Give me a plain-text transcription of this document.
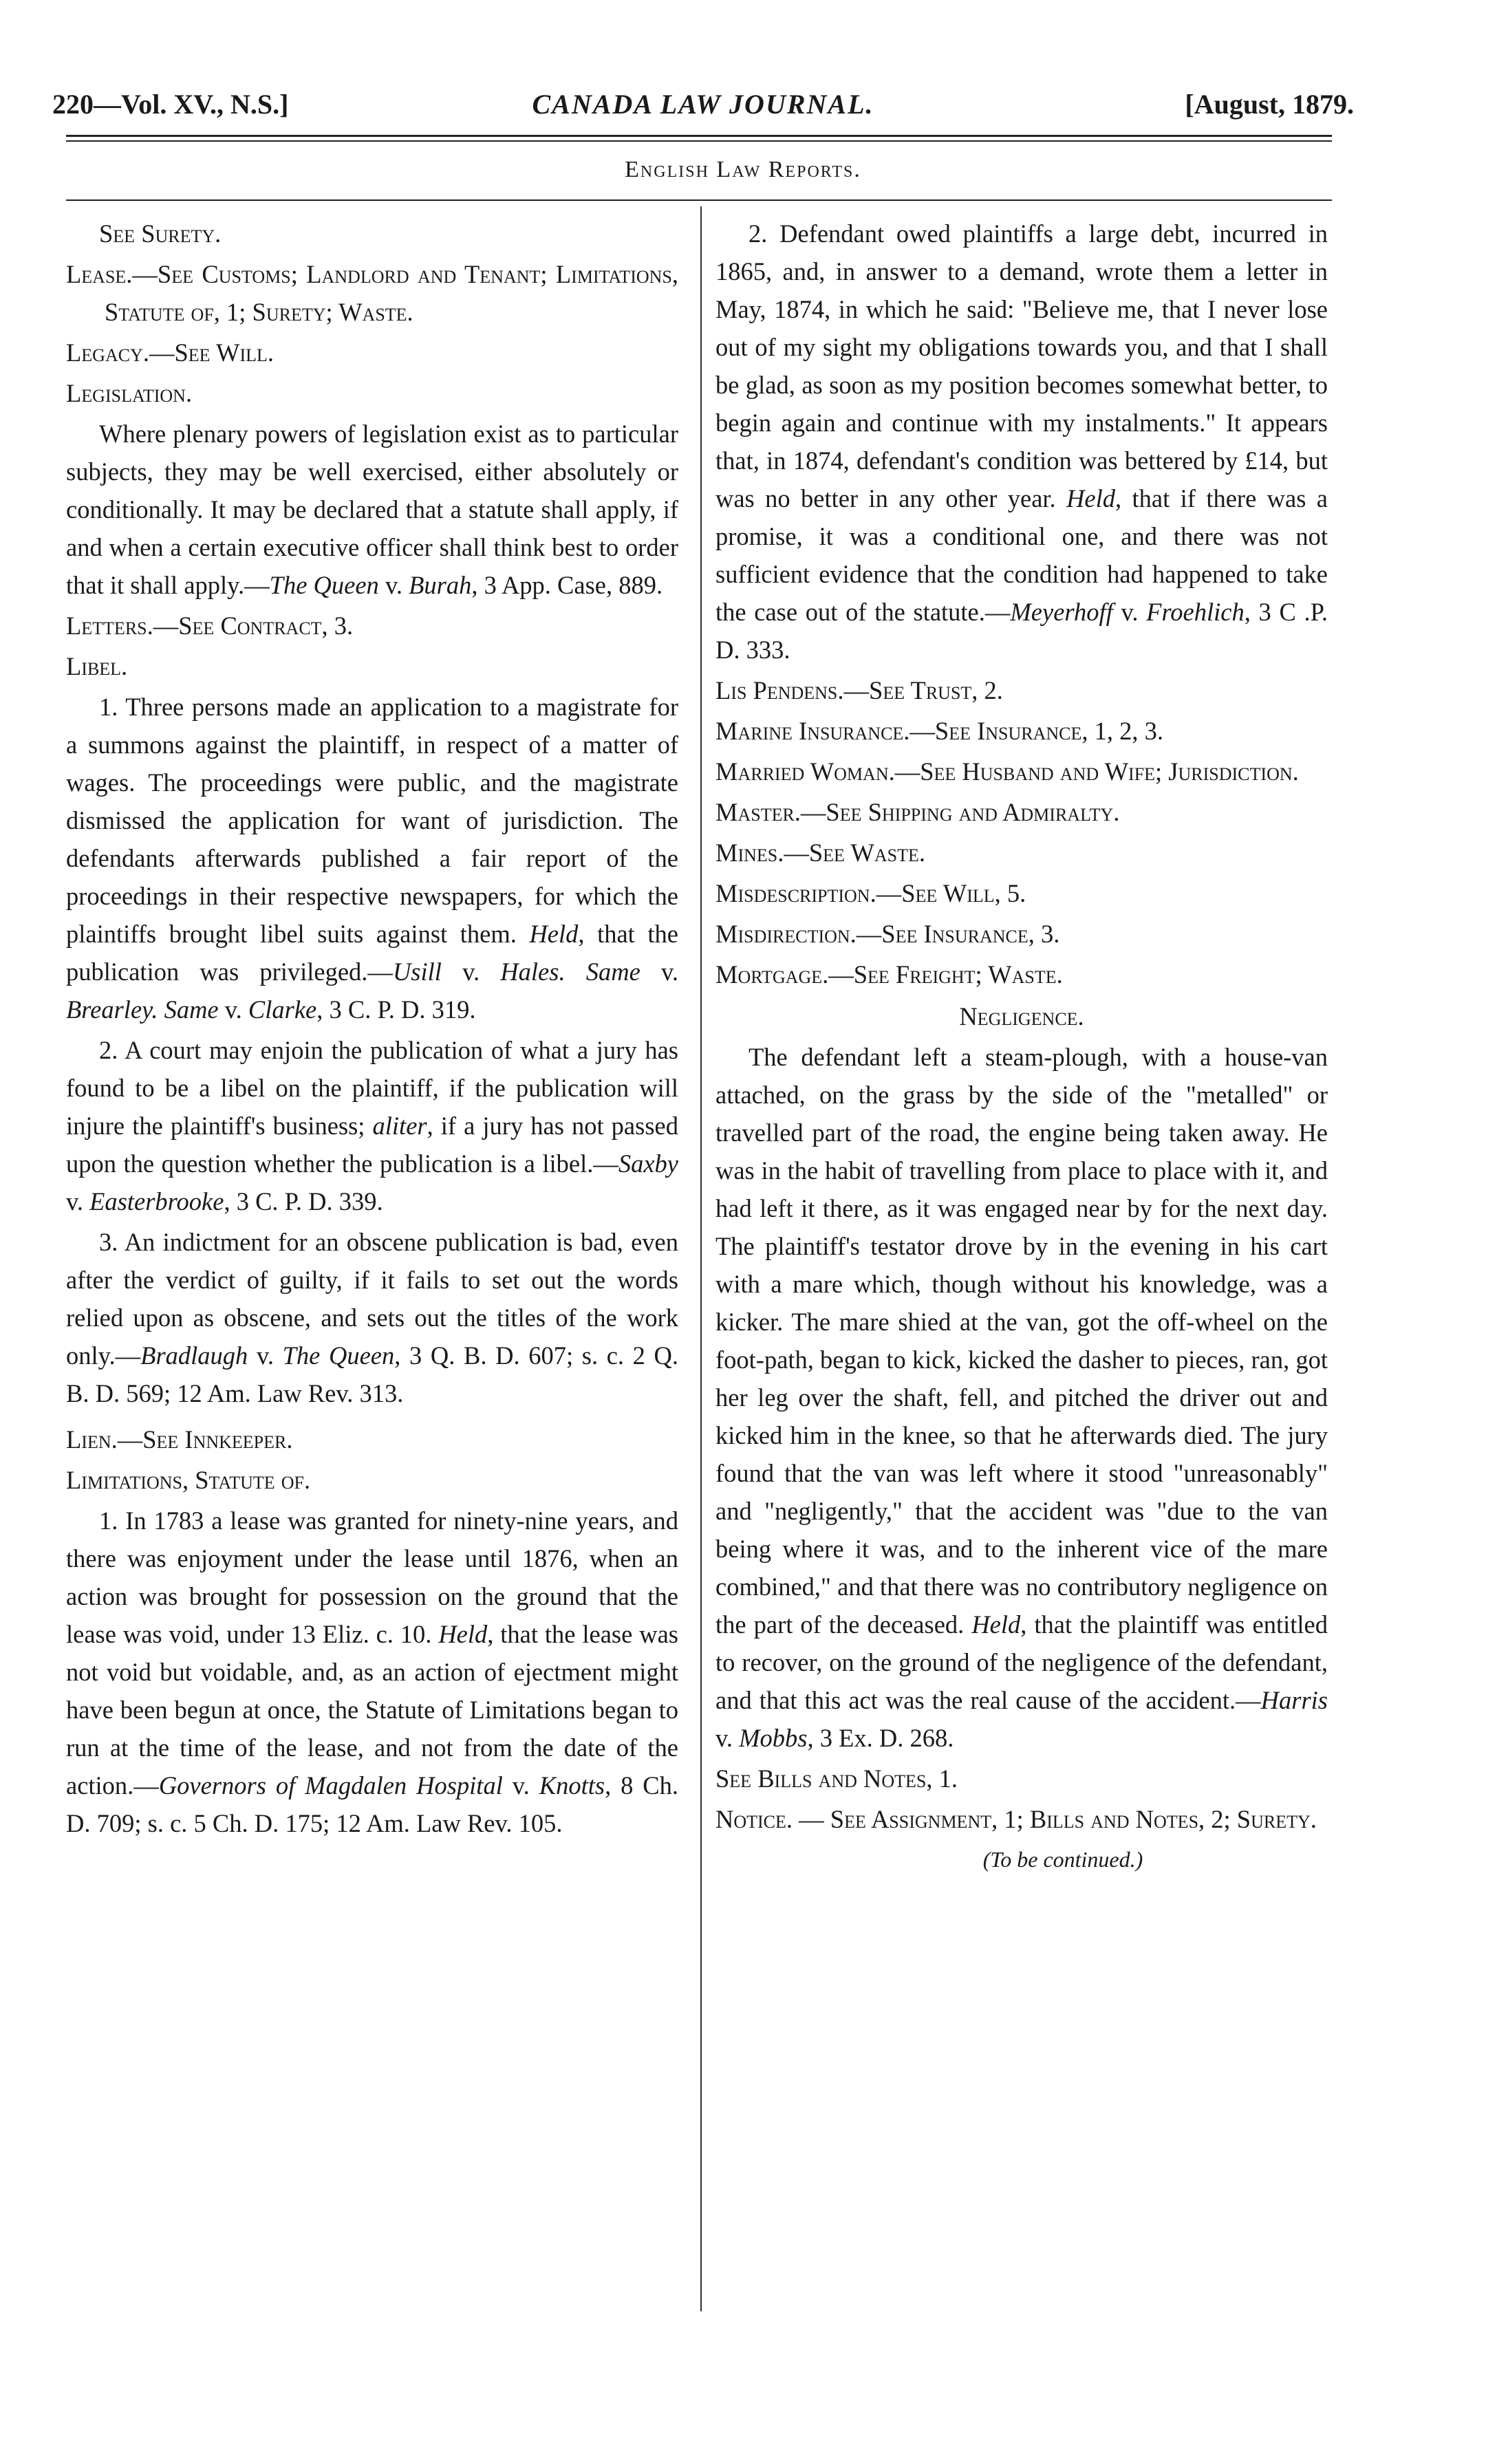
220—Vol. XV., N.S.]	CANADA LAW JOURNAL.	[August, 1879.
English Law Reports.

See Surety.

Lease.—See Customs; Landlord and Tenant; Limitations, Statute of, 1; Surety; Waste.

Legacy.—See Will.

Legislation.

Where plenary powers of legislation exist as to particular subjects, they may be well exercised, either absolutely or conditionally. It may be declared that a statute shall apply, if and when a certain executive officer shall think best to order that it shall apply.—The Queen v. Burah, 3 App. Case, 889.

Letters.—See Contract, 3.

Libel.

1. Three persons made an application to a magistrate for a summons against the plaintiff, in respect of a matter of wages. The proceedings were public, and the magistrate dismissed the application for want of jurisdiction. The defendants afterwards published a fair report of the proceedings in their respective newspapers, for which the plaintiffs brought libel suits against them. Held, that the publication was privileged.—Usill v. Hales. Same v. Brearley. Same v. Clarke, 3 C. P. D. 319.

2. A court may enjoin the publication of what a jury has found to be a libel on the plaintiff, if the publication will injure the plaintiff's business; aliter, if a jury has not passed upon the question whether the publication is a libel.—Saxby v. Easterbrooke, 3 C. P. D. 339.

3. An indictment for an obscene publication is bad, even after the verdict of guilty, if it fails to set out the words relied upon as obscene, and sets out the titles of the work only.—Bradlaugh v. The Queen, 3 Q. B. D. 607; s. c. 2 Q. B. D. 569; 12 Am. Law Rev. 313.

Lien.—See Innkeeper.

Limitations, Statute of.

1. In 1783 a lease was granted for ninety-nine years, and there was enjoyment under the lease until 1876, when an action was brought for possession on the ground that the lease was void, under 13 Eliz. c. 10. Held, that the lease was not void but voidable, and, as an action of ejectment might have been begun at once, the Statute of Limitations began to run at the time of the lease, and not from the date of the action.—Governors of Magdalen Hospital v. Knotts, 8 Ch. D. 709; s. c. 5 Ch. D. 175; 12 Am. Law Rev. 105.

2. Defendant owed plaintiffs a large debt, incurred in 1865, and, in answer to a demand, wrote them a letter in May, 1874, in which he said: "Believe me, that I never lose out of my sight my obligations towards you, and that I shall be glad, as soon as my position becomes somewhat better, to begin again and continue with my instalments." It appears that, in 1874, defendant's condition was bettered by £14, but was no better in any other year. Held, that if there was a promise, it was a conditional one, and there was not sufficient evidence that the condition had happened to take the case out of the statute.—Meyerhoff v. Froehlich, 3 C .P. D. 333.

Lis Pendens.—See Trust, 2.

Marine Insurance.—See Insurance, 1, 2, 3.

Married Woman.—See Husband and Wife; Jurisdiction.

Master.—See Shipping and Admiralty.

Mines.—See Waste.

Misdescription.—See Will, 5.

Misdirection.—See Insurance, 3.

Mortgage.—See Freight; Waste.

Negligence.

The defendant left a steam-plough, with a house-van attached, on the grass by the side of the "metalled" or travelled part of the road, the engine being taken away. He was in the habit of travelling from place to place with it, and had left it there, as it was engaged near by for the next day. The plaintiff's testator drove by in the evening in his cart with a mare which, though without his knowledge, was a kicker. The mare shied at the van, got the off-wheel on the foot-path, began to kick, kicked the dasher to pieces, ran, got her leg over the shaft, fell, and pitched the driver out and kicked him in the knee, so that he afterwards died. The jury found that the van was left where it stood "unreasonably" and "negligently," that the accident was "due to the van being where it was, and to the inherent vice of the mare combined," and that there was no contributory negligence on the part of the deceased. Held, that the plaintiff was entitled to recover, on the ground of the negligence of the defendant, and that this act was the real cause of the accident.—Harris v. Mobbs, 3 Ex. D. 268.

See Bills and Notes, 1.

Notice. — See Assignment, 1; Bills and Notes, 2; Surety.

(To be continued.)
